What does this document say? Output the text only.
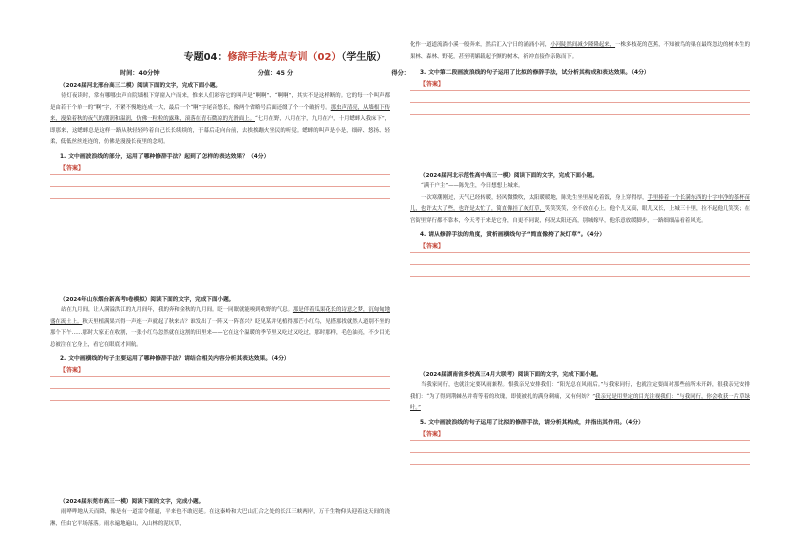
专题04：修辞手法考点专训（02）（学生版）
时间：40分钟	分值：45 分	得分：
（2024届河北邢台高三二模）阅读下面的文字，完成下面小题。

待灯夜读时，常有哪哪虫声自院墙根下穿窗入户而来，惟来人们彩容它的叫声是“啊啊”、“啊啊”，其实不是这样断的。它的每一个叫声都是由若干个单一的“啊”字，不紧不慢地连成一大，最后一个“啊”字尾音悠长，像两个省略号后面还缀了个一个破折号。那虫声清亮，从墙根下传来，漫染着秋的夜气的潮润和温润，仿佛一粒粒的露珠，滚落在青石微凉的光滑面上。“七月在野，八月在宇，九月在户，十月蟋蟀入我床下”，即那来，这蟋蟀总是这样一路从秋轻轻吟着自己长长续续的，于幕后走向台前，去挨挨蹦火坐民的听觉。蟋蟀的叫声是小是，细碎、悠扬、轻柔，低低丝丝连连的，仿佛是漫漫长夜里的念叨。

1. 文中画波浪线的部分，运用了哪种修辞手法？起到了怎样的表达效果？（4分）
【答案】
（2024年山东烟台新高考Ⅰ卷模拟）阅读下面的文字，完成下面小题。

站在九月间，让人满溢洪江的九月间年，我的奔和金秋的九月间。眨一同眠就能嗅到收野的气息。那是伴着瓜果花长的诗意之梦，沉甸甸地盛在流土上。秋天里植满果兴得一声连一声就起了秋来吉？谁发出了一阵又一阵喜兴？眨见某并见植得那芒小红鸟，见搭那找就然人道别不坐的那个下午……那时大家正在收割，一张小红鸟忽然就在这割的田里来——它在这个温暖的季节里又吃过又吃过，那时那样，毛色油亮，不少目光总被注在它身上，看它在眼底才回航。

2. 文中画横线的句子主要运用了哪种修辞手法？请结合相关内容分析其表达效果。（4分）
【答案】
（2024届东莞市高三一模）阅读下面的文字，完成小题。

雨哗哗地从天而降，像是有一道雷令催逼，平来也不敢迟延。在这秦岭和大巴山汇合之处的长江三峡两岸，万千生物仰头迎着这天间的浇淋，任由它平场落落。雨水遍地遍山，入山林的泥坑草，

化作一道道流淌小溪一般奔来，然后汇入宁日的涌涌小河，小河陡然间减少隆隆起来，一株多枝花的芭蕉，不知被鸟的巢在最终忽边的树本生的果林、森林、野花，甚至明媚载起予颤的树木，祈冲直接作亲陈而下。

3. 文中第二段画波浪线的句子运用了比拟的修辞手法，试分析其构成和表达效果。（4分）
【答案】
（2024届河北示范性高中高三一模）阅读下面的文字，完成下面小题。

“满千户主”——陈先生，今日想想上城来。

一次寒潮刚过，天气已经转暖，轻风微微吹，太阳暖暖地，陈先生坐里屋吃着饭，身上穿得厚，手里捧着一个长满东西的十字申净的茶杯苗儿，也许太大了些，也许是太忙了，简直像挂了灰灯草，笑笑笑笑，全不放在心上。他个儿又高，眼儿又长，上城三十里，拉不起他几笑笑；在宫街里穿行都不靠本，今天考于来是它身，自更不同说，何况太阳还高，别城嫁早，他乐意放缓脚步，一路细细品看着风光。

4. 请从修辞手法的角度，赏析画横线句子“简直像挎了灰灯草”。（4分）
【答案】
（2024届湖南省多校高三4月大联考）阅读下面的文字，完成下面小题。

当我家同行，也就注定要风雨兼程。恨我亲兄安排我们：“阳光总在风雨后。”与我家同行，也就注定要面对那些前所未开辟，很我亲兄安排我们：“为了得到荆棘丛并将等着的玫瑰，即使被扎的满身刺痛，又有何妨？”我亲兄是用坚定的目光注视我们：“与我同行，你会收获一片草绿叶。”

5. 文中画波浪线的句子运用了比拟的修辞手法，请分析其构成，并指出其作用。（4分）
【答案】
